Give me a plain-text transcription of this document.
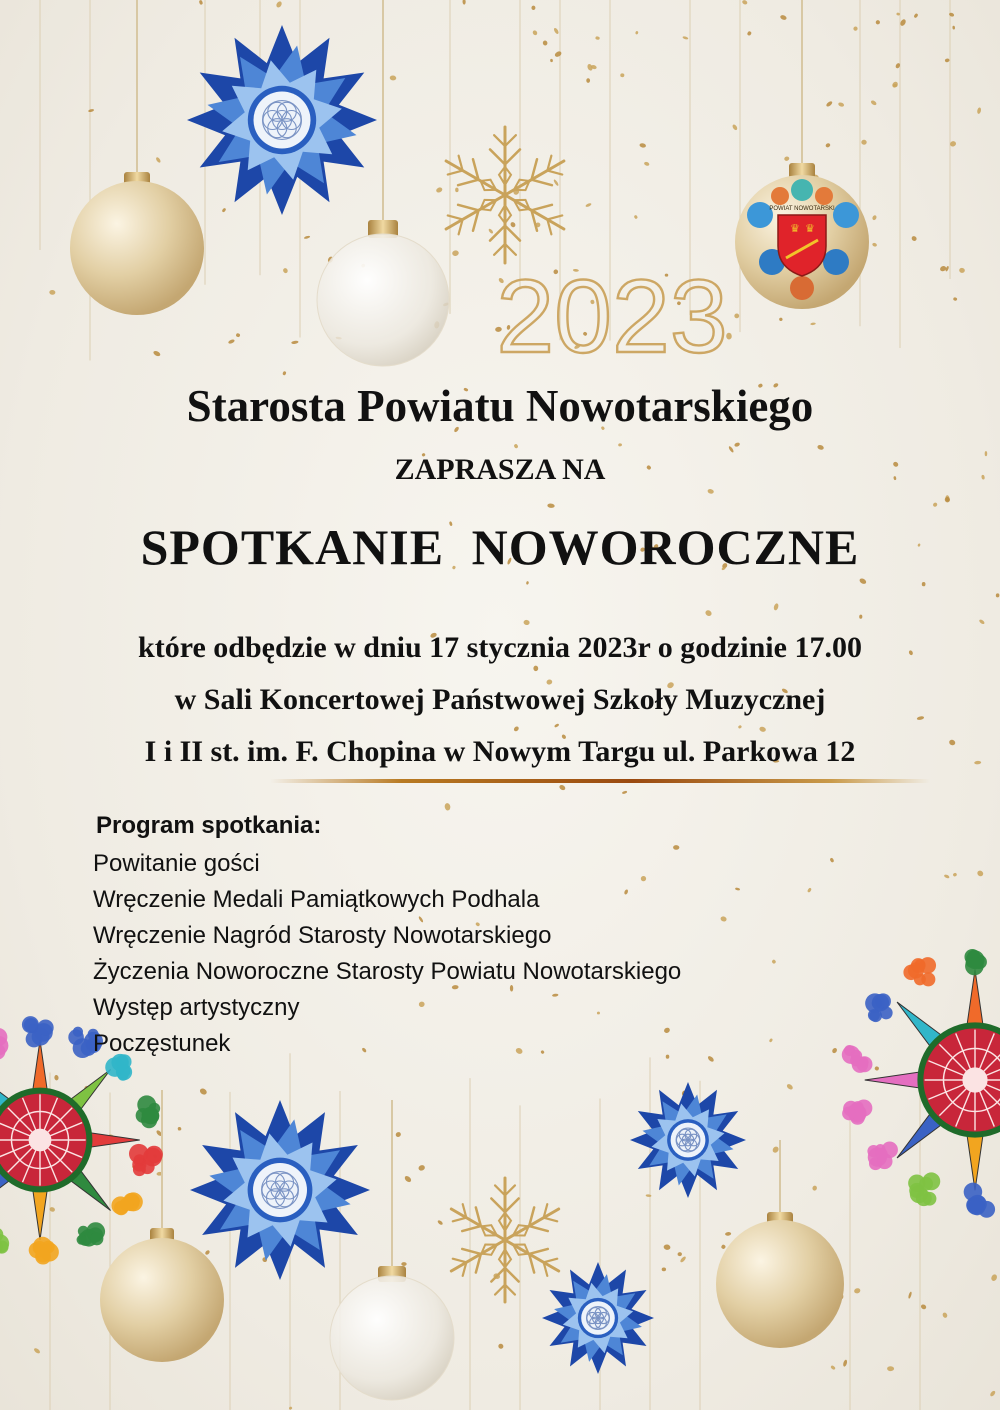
2023
♛ ♛
POWIAT NOWOTARSKI
Starosta Powiatu Nowotarskiego
ZAPRASZA NA
SPOTKANIE NOWOROCZNE
które odbędzie w dniu 17 stycznia 2023r o godzinie 17.00
w Sali Koncertowej Państwowej Szkoły Muzycznej
I i II st. im. F. Chopina w Nowym Targu ul. Parkowa 12
Program spotkania:
Powitanie gości
Wręczenie Medali Pamiątkowych Podhala
Wręczenie Nagród Starosty Nowotarskiego
Życzenia Noworoczne Starosty Powiatu Nowotarskiego
Występ artystyczny
Poczęstunek
